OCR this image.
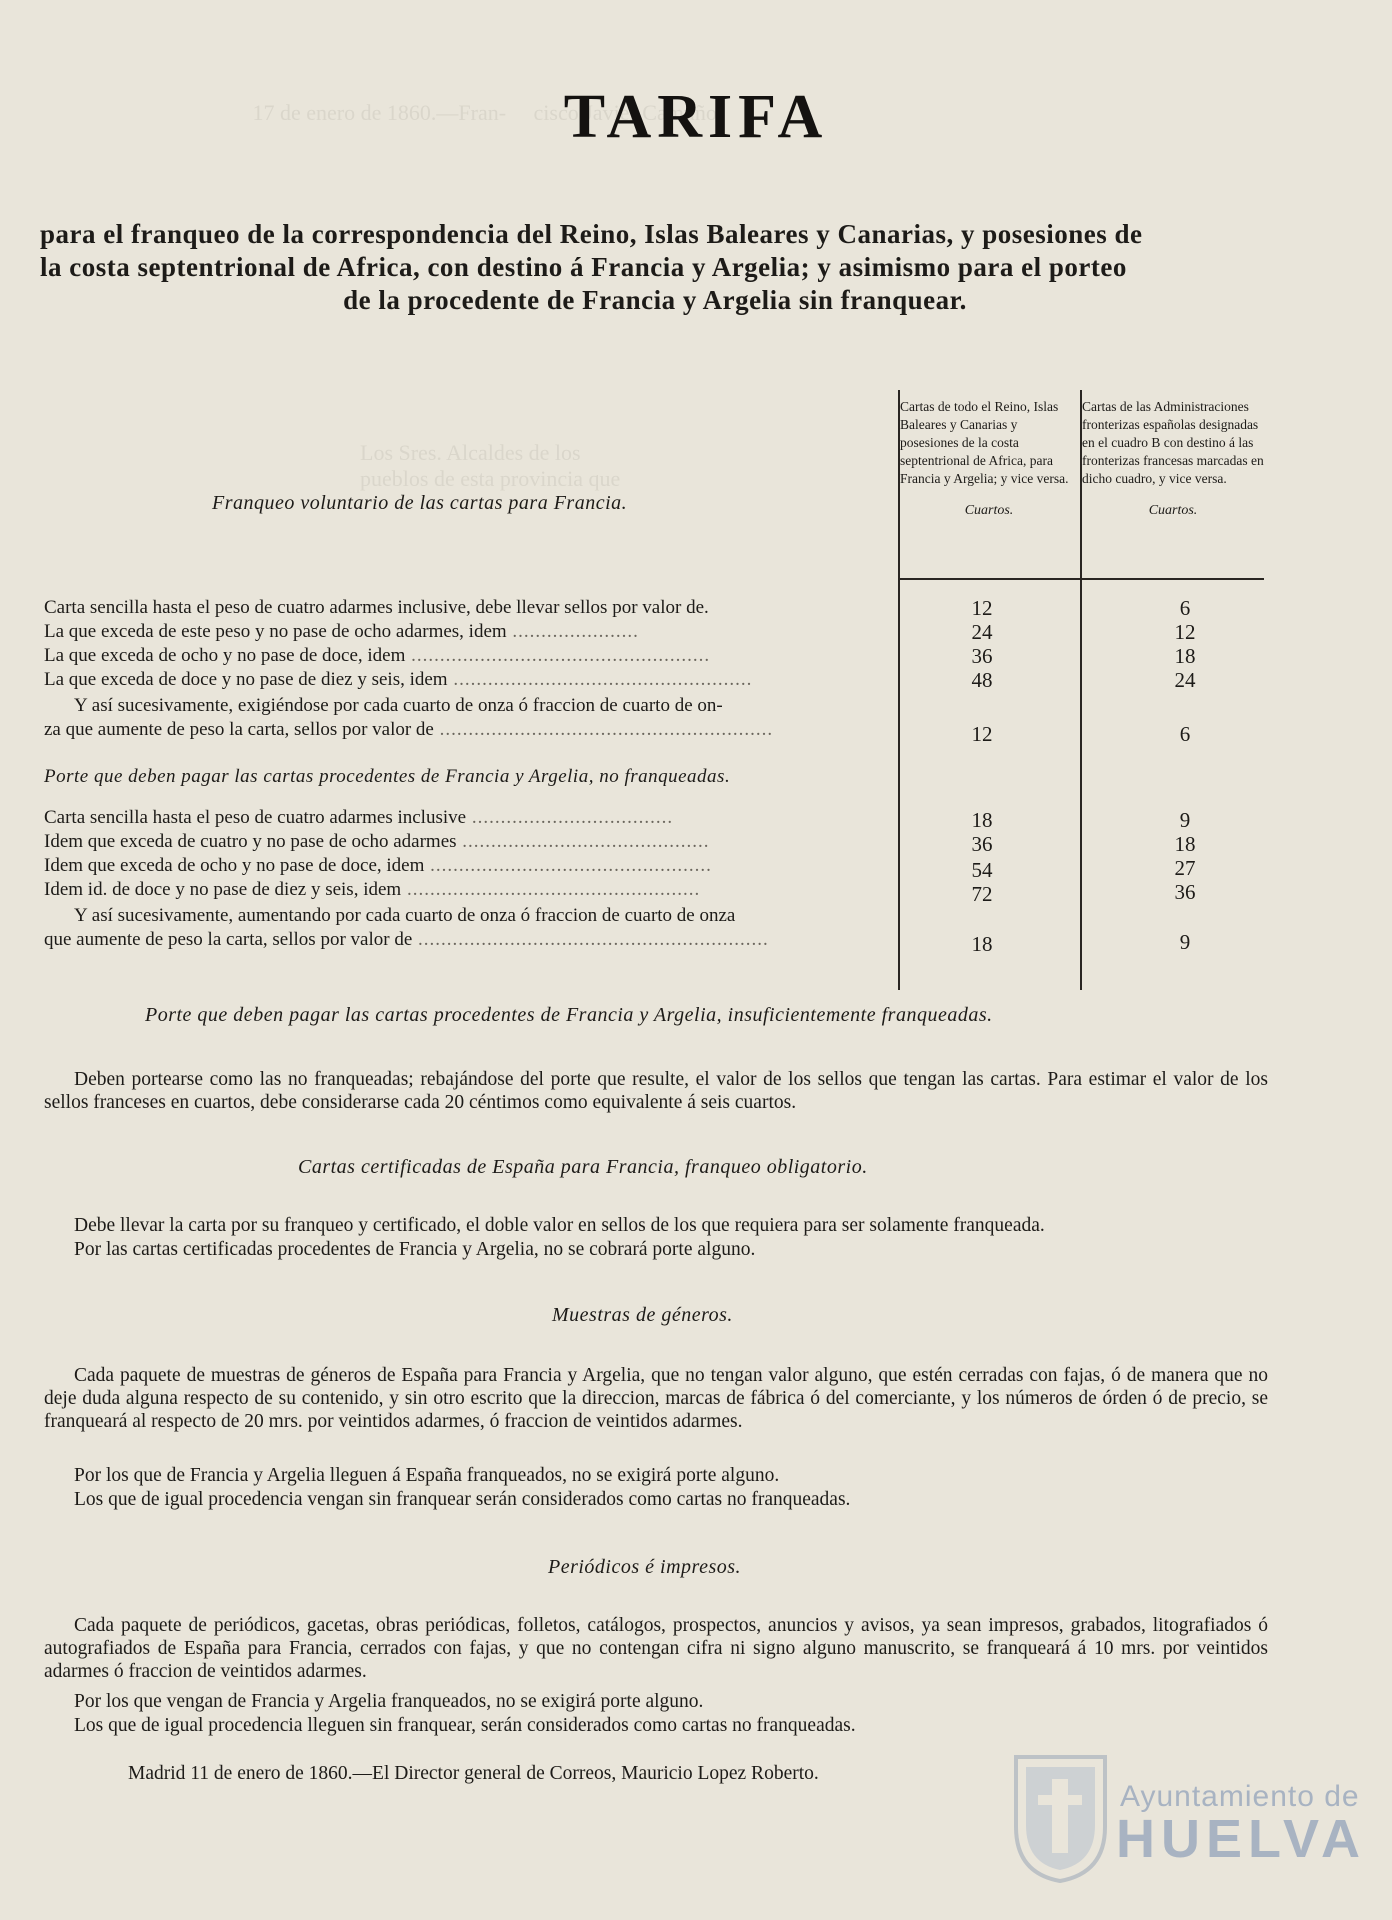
17 de enero de 1860.—Fran-     cisco Javier Camuño.
Los Sres. Alcaldes de los
pueblos de esta provincia que
TARIFA
para el franqueo de la correspondencia del Reino, Islas Baleares y Canarias, y posesiones de
la costa septentrional de Africa, con destino á Francia y Argelia; y asimismo para el porteo
de la procedente de Francia y Argelia sin franquear.
Cartas de todo el Reino, Islas Baleares y Canarias y posesiones de la costa septentrional de Africa, para Francia y Argelia; y vice versa.
Cuartos.
Cartas de las Administraciones fronterizas españolas designadas en el cuadro B con destino á las fronterizas francesas marcadas en dicho cuadro, y vice versa.
Cuartos.
Franqueo voluntario de las cartas para Francia.
Carta sencilla hasta el peso de cuatro adarmes inclusive, debe llevar sellos por valor de.	12	6
La que exceda de este peso y no pase de ocho adarmes, idem ......................	24	12
La que exceda de ocho y no pase de doce, idem ....................................................	36	18
La que exceda de doce y no pase de diez y seis, idem ....................................................	48	24
Y así sucesivamente, exigiéndose por cada cuarto de onza ó fraccion de cuarto de on-
za que aumente de peso la carta, sellos por valor de ..........................................................	12	6
Porte que deben pagar las cartas procedentes de Francia y Argelia, no franqueadas.
Carta sencilla hasta el peso de cuatro adarmes inclusive ...................................	18	9
Idem que exceda de cuatro y no pase de ocho adarmes ...........................................	36	18
Idem que exceda de ocho y no pase de doce, idem .................................................	54	27
Idem id. de doce y no pase de diez y seis, idem ...................................................	72	36
Y así sucesivamente, aumentando por cada cuarto de onza ó fraccion de cuarto de onza
que aumente de peso la carta, sellos por valor de .............................................................	18	9
Porte que deben pagar las cartas procedentes de Francia y Argelia, insuficientemente franqueadas.
Deben portearse como las no franqueadas; rebajándose del porte que resulte, el valor de los sellos que tengan las cartas. Para estimar el valor de los sellos franceses en cuartos, debe considerarse cada 20 céntimos como equivalente á seis cuartos.
Cartas certificadas de España para Francia, franqueo obligatorio.
Debe llevar la carta por su franqueo y certificado, el doble valor en sellos de los que requiera para ser solamente franqueada.
Por las cartas certificadas procedentes de Francia y Argelia, no se cobrará porte alguno.
Muestras de géneros.
Cada paquete de muestras de géneros de España para Francia y Argelia, que no tengan valor alguno, que estén cerradas con fajas, ó de manera que no deje duda alguna respecto de su contenido, y sin otro escrito que la direccion, marcas de fábrica ó del comerciante, y los números de órden ó de precio, se franqueará al respecto de 20 mrs. por veintidos adarmes, ó fraccion de veintidos adarmes.
Por los que de Francia y Argelia lleguen á España franqueados, no se exigirá porte alguno.
Los que de igual procedencia vengan sin franquear serán considerados como cartas no franqueadas.
Periódicos é impresos.
Cada paquete de periódicos, gacetas, obras periódicas, folletos, catálogos, prospectos, anuncios y avisos, ya sean impresos, grabados, litografiados ó autografiados de España para Francia, cerrados con fajas, y que no contengan cifra ni signo alguno manuscrito, se franqueará á 10 mrs. por veintidos adarmes ó fraccion de veintidos adarmes.
Por los que vengan de Francia y Argelia franqueados, no se exigirá porte alguno.
Los que de igual procedencia lleguen sin franquear, serán considerados como cartas no franqueadas.
Madrid 11 de enero de 1860.—El Director general de Correos, Mauricio Lopez Roberto.
Ayuntamiento de
HUELVA
